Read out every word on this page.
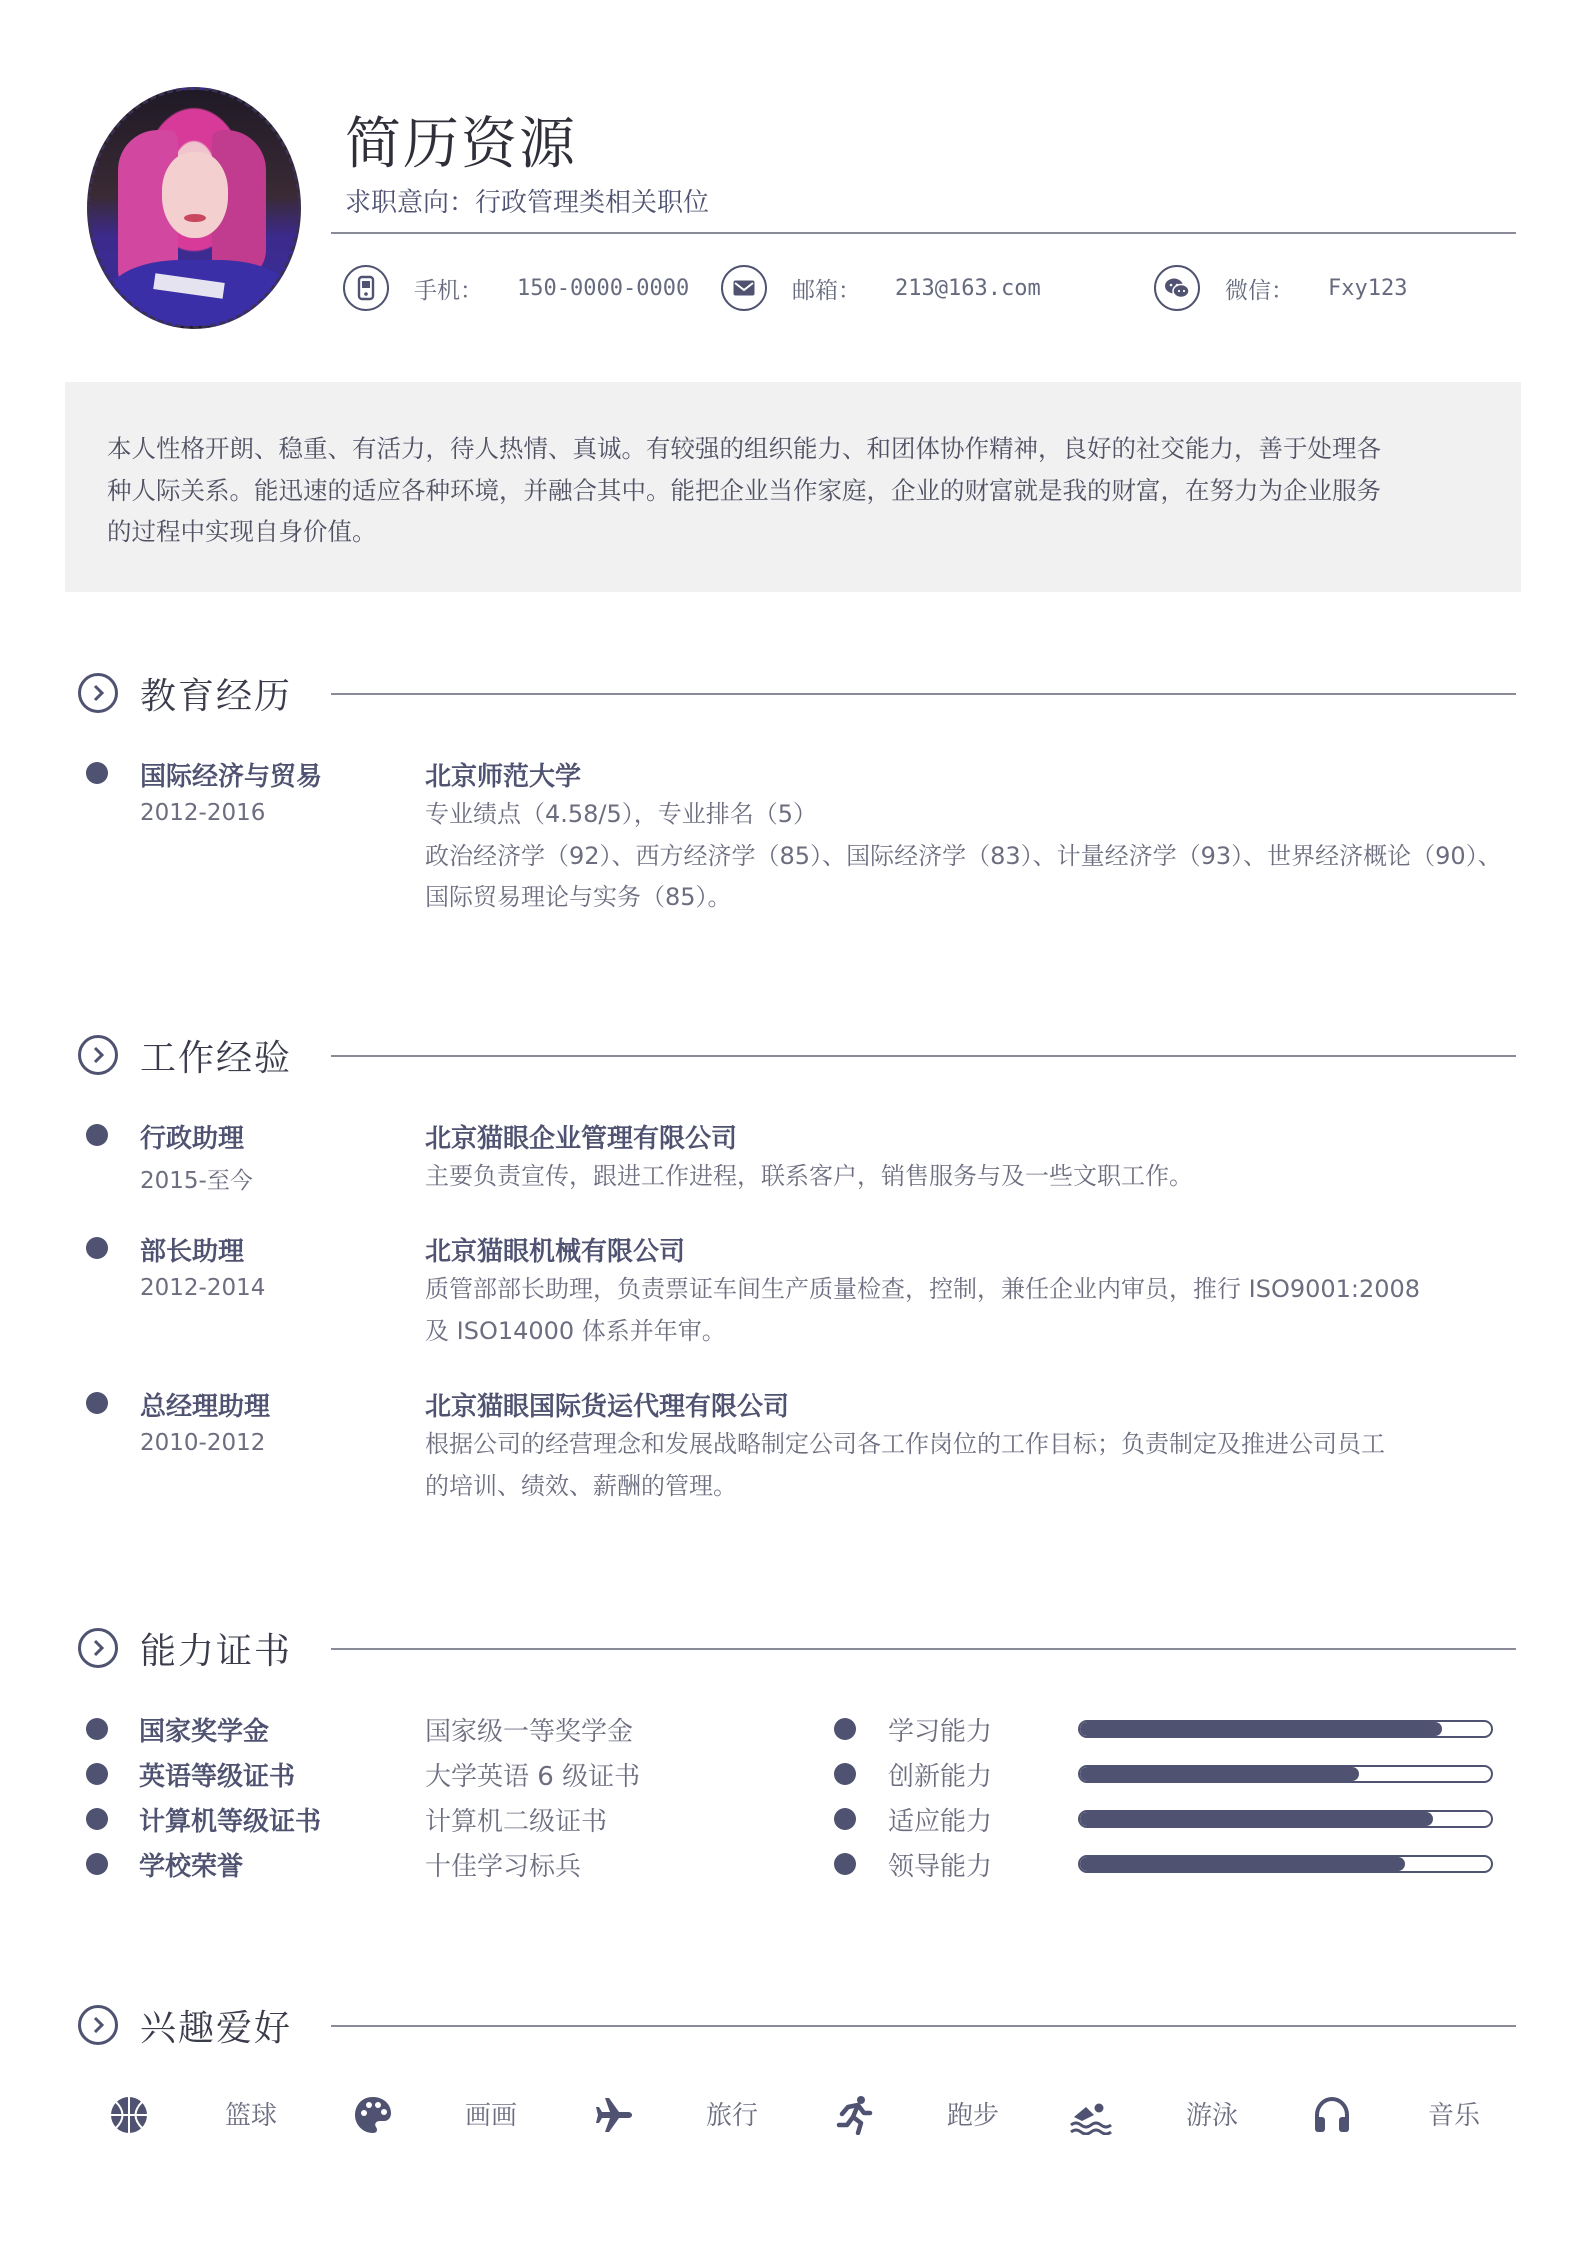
简历资源
求职意向：行政管理类相关职位
手机： 150-0000-0000	邮箱： 213@163.com	微信： Fxy123
本人性格开朗、稳重、有活力，待人热情、真诚。有较强的组织能力、和团体协作精神，良好的社交能力，善于处理各
种人际关系。能迅速的适应各种环境，并融合其中。能把企业当作家庭，企业的财富就是我的财富，在努力为企业服务
的过程中实现自身价值。
教育经历
国际经济与贸易
2012-2016
北京师范大学
专业绩点（4.58/5），专业排名（5）
政治经济学（92）、西方经济学（85）、国际经济学（83）、计量经济学（93）、世界经济概论（90）、
国际贸易理论与实务（85）。
工作经验
行政助理
2015-至今
北京猫眼企业管理有限公司
主要负责宣传，跟进工作进程，联系客户，销售服务与及一些文职工作。
部长助理
2012-2014
北京猫眼机械有限公司
质管部部长助理，负责票证车间生产质量检查，控制，兼任企业内审员，推行 ISO9001:2008
及 ISO14000 体系并年审。
总经理助理
2010-2012
北京猫眼国际货运代理有限公司
根据公司的经营理念和发展战略制定公司各工作岗位的工作目标；负责制定及推进公司员工
的培训、绩效、薪酬的管理。
能力证书
国家奖学金	国家级一等奖学金
英语等级证书	大学英语 6 级证书
计算机等级证书	计算机二级证书
学校荣誉	十佳学习标兵
学习能力
创新能力
适应能力
领导能力
兴趣爱好
篮球	画画	旅行	跑步	游泳	音乐
